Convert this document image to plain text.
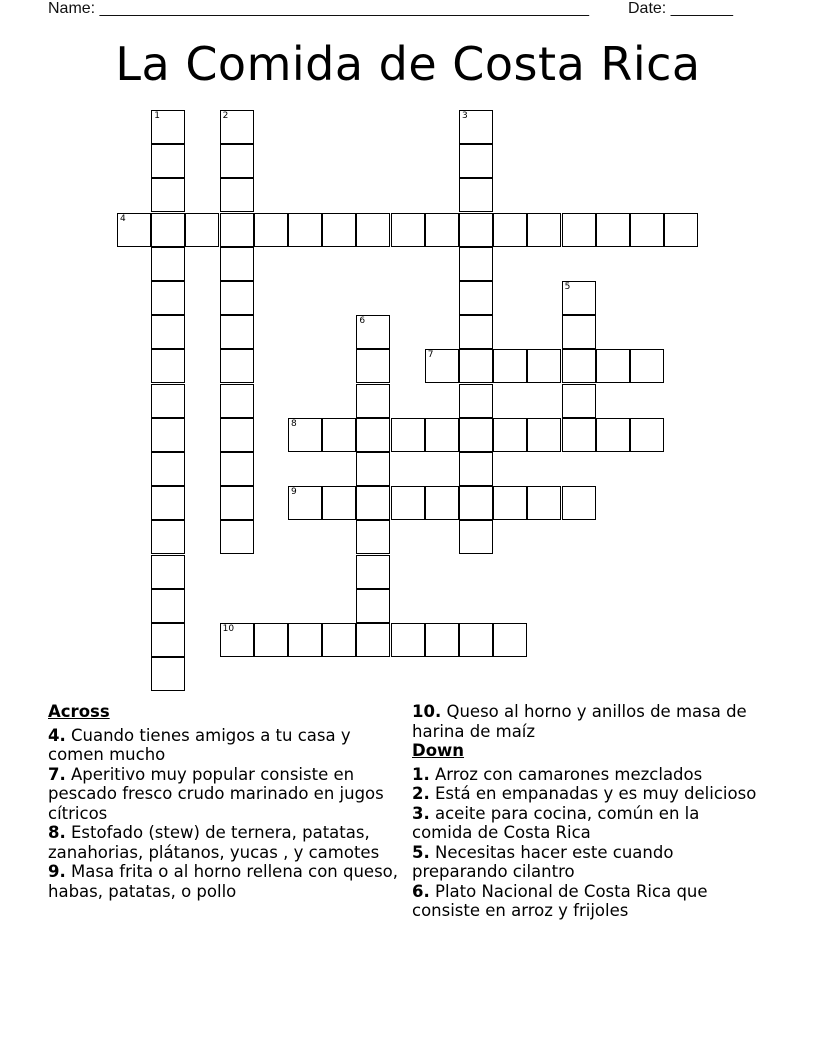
Name: _______________________________________________________ Date: _______
La Comida de Costa Rica
1	2	3
4
5
6
7
8
9
10

Across

4. Cuando tienes amigos a tu casa y comen mucho

7. Aperitivo muy popular consiste en pescado fresco crudo marinado en jugos cítricos

8. Estofado (stew) de ternera, patatas, zanahorias, plátanos, yucas , y camotes

9. Masa frita o al horno rellena con queso, habas, patatas, o pollo

10. Queso al horno y anillos de masa de harina de maíz

Down

1. Arroz con camarones mezclados

2. Está en empanadas y es muy delicioso

3. aceite para cocina, común en la comida de Costa Rica

5. Necesitas hacer este cuando preparando cilantro

6. Plato Nacional de Costa Rica que consiste en arroz y frijoles
